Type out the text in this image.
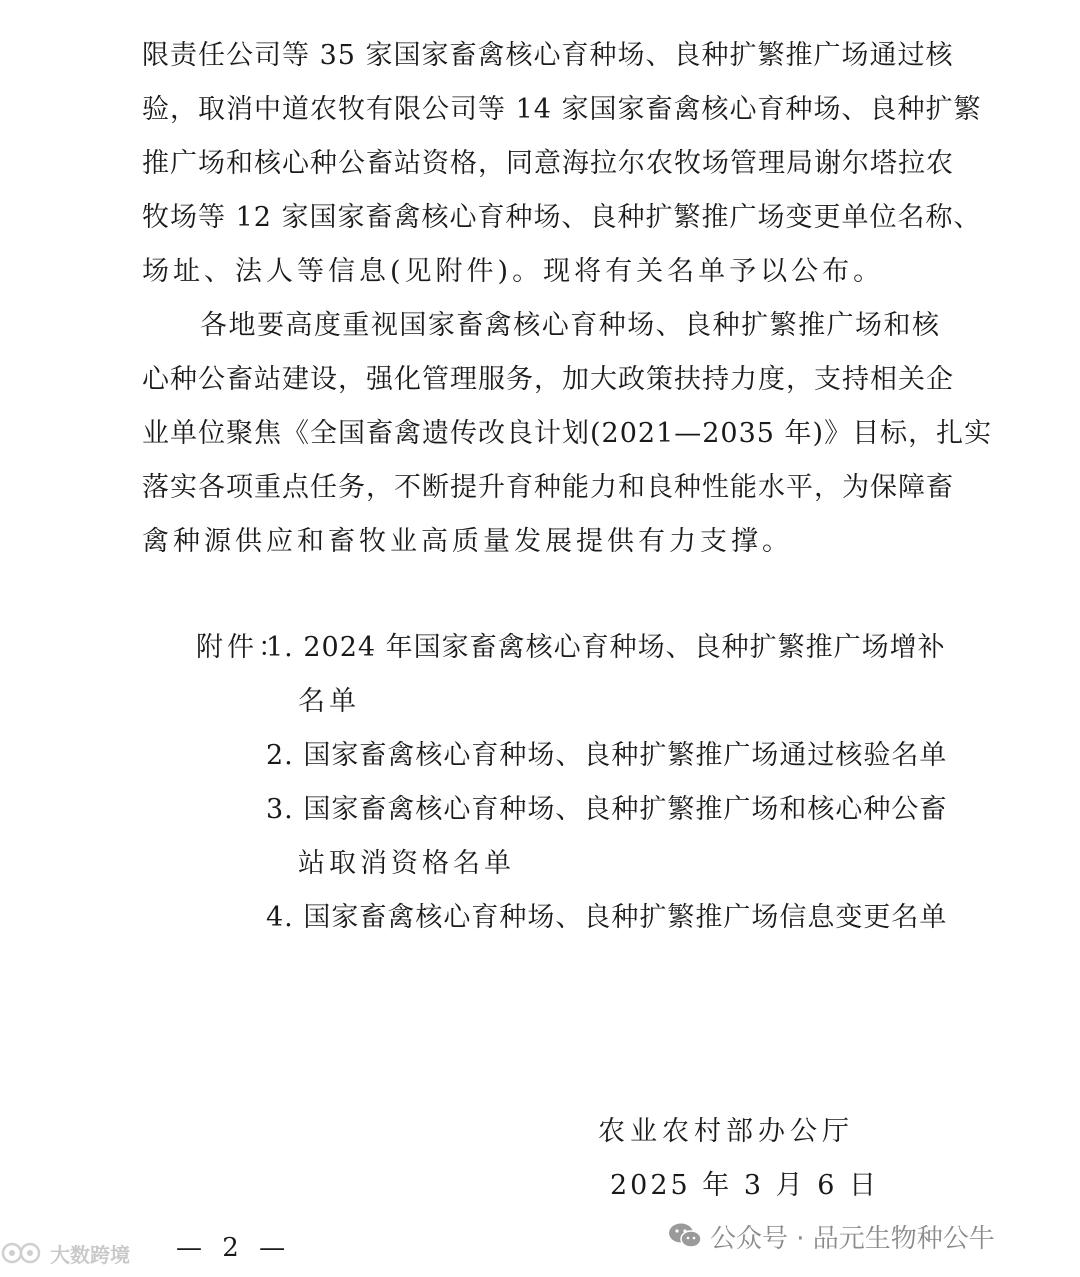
限责任公司等 35 家国家畜禽核心育种场、良种扩繁推广场通过核
验，取消中道农牧有限公司等 14 家国家畜禽核心育种场、良种扩繁
推广场和核心种公畜站资格，同意海拉尔农牧场管理局谢尔塔拉农
牧场等 12 家国家畜禽核心育种场、良种扩繁推广场变更单位名称、
场址、法人等信息(见附件)。现将有关名单予以公布。
各地要高度重视国家畜禽核心育种场、良种扩繁推广场和核
心种公畜站建设，强化管理服务，加大政策扶持力度，支持相关企
业单位聚焦《全国畜禽遗传改良计划(2021—2035 年)》目标，扎实
落实各项重点任务，不断提升育种能力和良种性能水平，为保障畜
禽种源供应和畜牧业高质量发展提供有力支撑。
附件：
1. 2024 年国家畜禽核心育种场、良种扩繁推广场增补
名单
2. 国家畜禽核心育种场、良种扩繁推广场通过核验名单
3. 国家畜禽核心育种场、良种扩繁推广场和核心种公畜
站取消资格名单
4. 国家畜禽核心育种场、良种扩繁推广场信息变更名单
农业农村部办公厅
2025 年 3 月 6 日
— 2 —	公众号 · 品元生物种公牛
大数跨境
